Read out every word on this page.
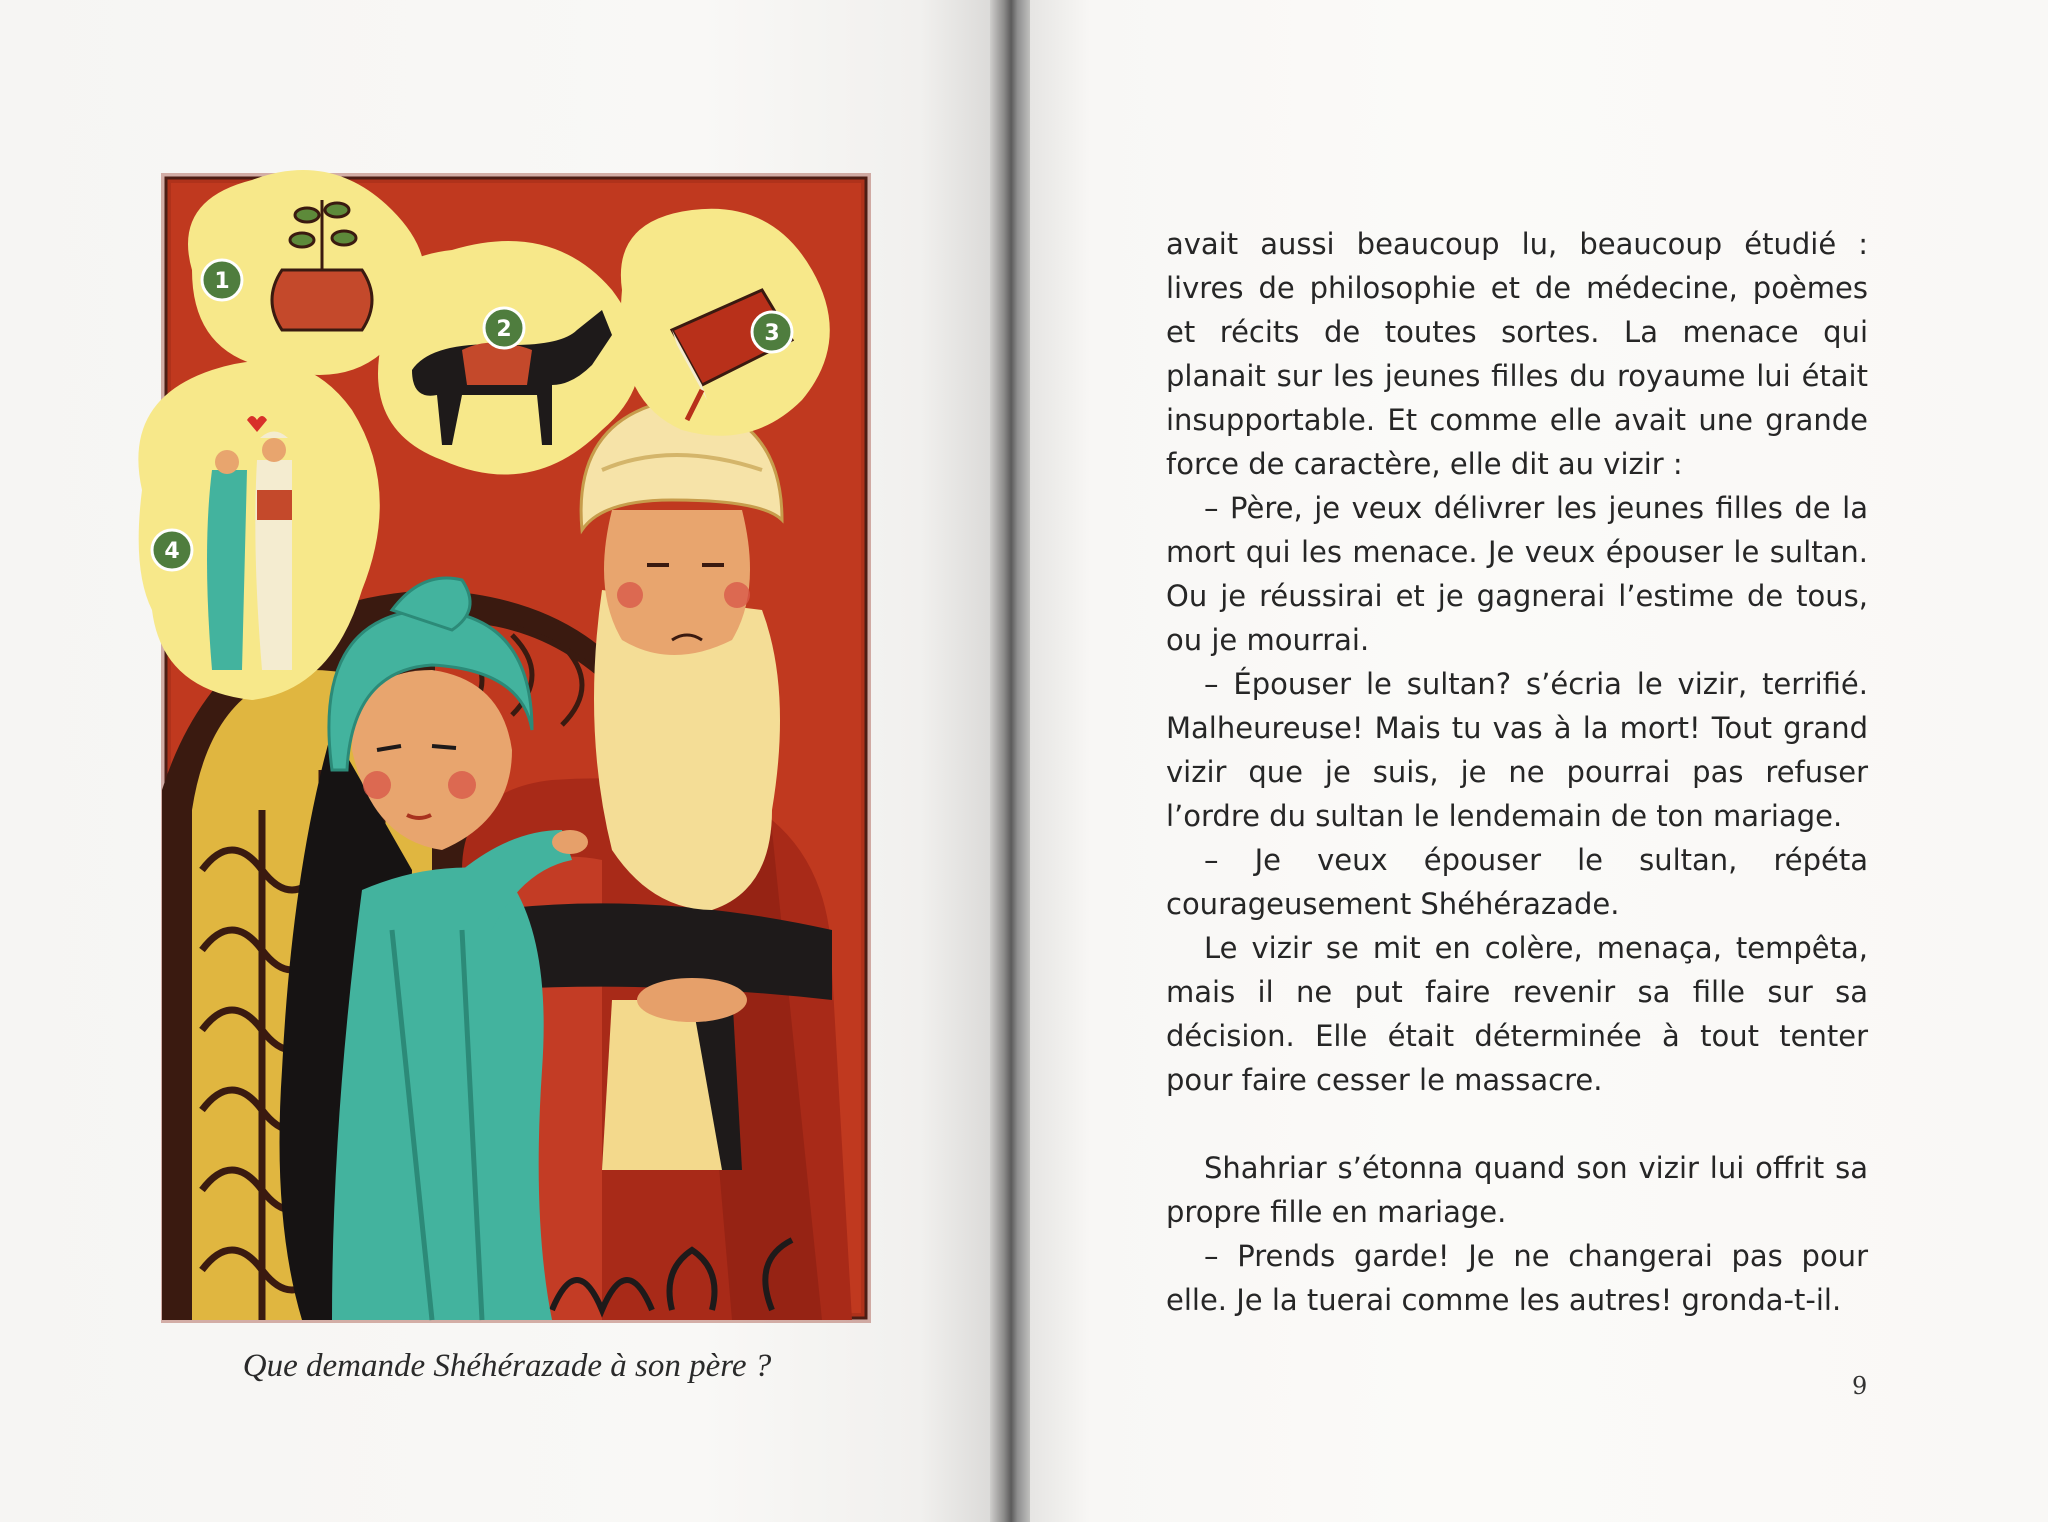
1
2	3
4
Que demande Shéhérazade à son père ?

avait aussi beaucoup lu, beaucoup étudié : livres de philosophie et de médecine, poèmes et récits de toutes sortes. La menace qui planait sur les jeunes filles du royaume lui était insupportable. Et comme elle avait une grande force de caractère, elle dit au vizir :

– Père, je veux délivrer les jeunes filles de la mort qui les menace. Je veux épouser le sultan. Ou je réussirai et je gagnerai l’estime de tous, ou je mourrai.

– Épouser le sultan? s’écria le vizir, terrifié. Malheureuse! Mais tu vas à la mort! Tout grand vizir que je suis, je ne pourrai pas refuser l’ordre du sultan le lendemain de ton mariage.

– Je veux épouser le sultan, répéta courageusement Shéhérazade.

Le vizir se mit en colère, menaça, tempêta, mais il ne put faire revenir sa fille sur sa décision. Elle était déterminée à tout tenter pour faire cesser le massacre.

Shahriar s’étonna quand son vizir lui offrit sa propre fille en mariage.

– Prends garde! Je ne changerai pas pour elle. Je la tuerai comme les autres! gronda-t-il.

9
